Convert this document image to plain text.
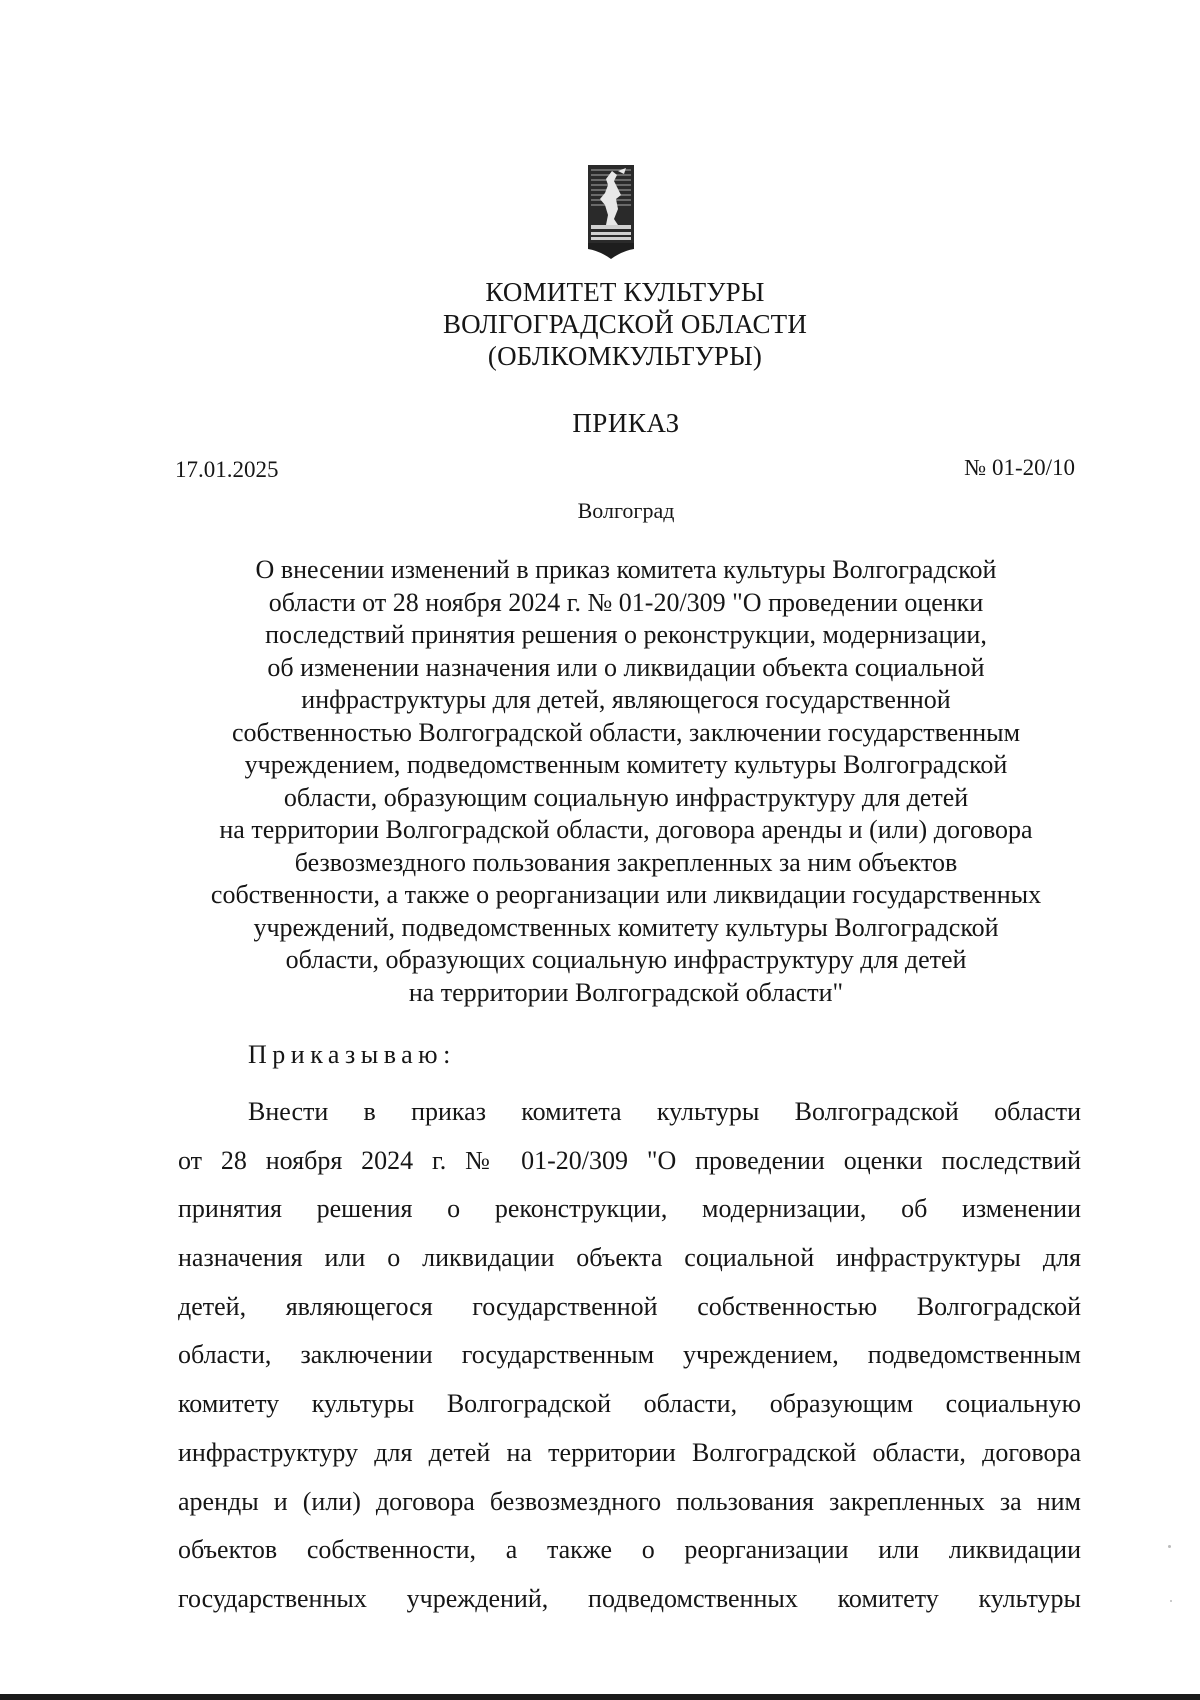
КОМИТЕТ КУЛЬТУРЫ
ВОЛГОГРАДСКОЙ ОБЛАСТИ
(ОБЛКОМКУЛЬТУРЫ)
ПРИКАЗ
17.01.2025	№ 01-20/10
Волгоград
О внесении изменений в приказ комитета культуры Волгоградской
области от 28 ноября 2024 г. № 01-20/309 "О проведении оценки
последствий принятия решения о реконструкции, модернизации,
об изменении назначения или о ликвидации объекта социальной
инфраструктуры для детей, являющегося государственной
собственностью Волгоградской области, заключении государственным
учреждением, подведомственным комитету культуры Волгоградской
области, образующим социальную инфраструктуру для детей
на территории Волгоградской области, договора аренды и (или) договора
безвозмездного пользования закрепленных за ним объектов
собственности, а также о реорганизации или ликвидации государственных
учреждений, подведомственных комитету культуры Волгоградской
области, образующих социальную инфраструктуру для детей
на территории Волгоградской области"
Приказываю:
Внести в приказ комитета культуры Волгоградской области
от 28 ноября 2024 г. № 01-20/309 "О проведении оценки последствий
принятия решения о реконструкции, модернизации, об изменении
назначения или о ликвидации объекта социальной инфраструктуры для
детей, являющегося государственной собственностью Волгоградской
области, заключении государственным учреждением, подведомственным
комитету культуры Волгоградской области, образующим социальную
инфраструктуру для детей на территории Волгоградской области, договора
аренды и (или) договора безвозмездного пользования закрепленных за ним
объектов собственности, а также о реорганизации или ликвидации
государственных учреждений, подведомственных комитету культуры
